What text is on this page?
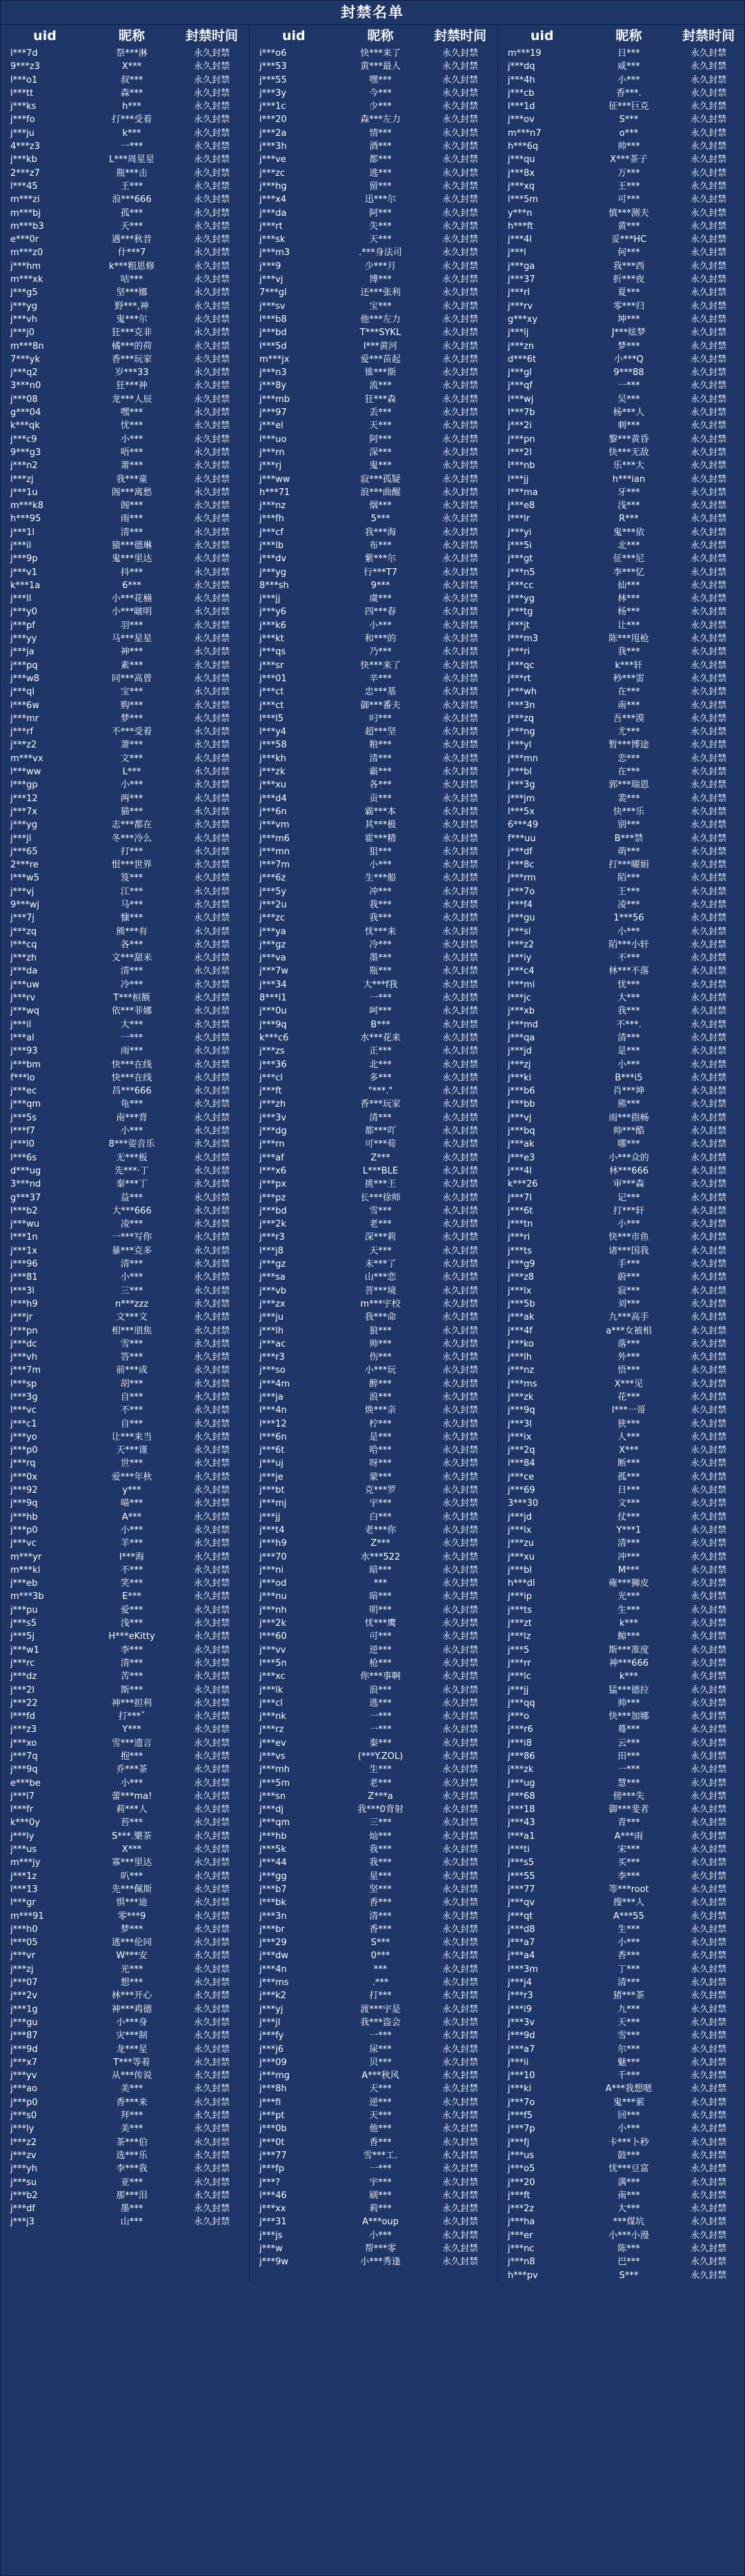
封禁名单
uid	昵称	封禁时间
l***7d	祭***淋	永久封禁
9***z3	X***	永久封禁
l***o1	叔***	永久封禁
l***tt	森***	永久封禁
j***ks	h***	永久封禁
j***fo	打***受着	永久封禁
j***ju	k***	永久封禁
4***z3	一***	永久封禁
j***kb	L***周星星	永久封禁
2***z7	瓶***击	永久封禁
l***45	王***	永久封禁
m***zi	浪***666	永久封禁
m***bj	孤***	永久封禁
m***b3	天***	永久封禁
e***0r	遇***秋昔	永久封禁
m***z0	什***7	永久封禁
j***hm	k***粗思修	永久封禁
m***xk	咕***	永久封禁
j***g5	坚***娜	永久封禁
j***yg	野***,神	永久封禁
j***vh	鬼***尔	永久封禁
j***j0	狂***克非	永久封禁
m***8n	橘***的荷	永久封禁
7***yk	香***玩家	永久封禁
j***q2	岁***33	永久封禁
3***n0	狂***神	永久封禁
j***08	龙***人辰	永久封禁
g***04	嘿***	永久封禁
k***qk	忧***	永久封禁
j***c9	小***	永久封禁
9***g3	唔***	永久封禁
j***n2	萧***	永久封禁
l***zj	我***童	永久封禁
j***1u	阁***离愁	永久封禁
m***k8	阁***	永久封禁
h***95	雨***	永久封禁
j***1l	清***	永久封禁
j***il	猿***德琳	永久封禁
j***9p	鬼***里达	永久封禁
j***v1	抖***	永久封禁
k***1a	6***	永久封禁
j***ll	小***花楠	永久封禁
j***y0	小***啵明	永久封禁
j***pf	羽***	永久封禁
j***yy	马***星星	永久封禁
j***ja	神***	永久封禁
j***pq	素***	永久封禁
j***w8	同***高曾	永久封禁
j***ql	宝***	永久封禁
l***6w	购***	永久封禁
j***mr	梦***	永久封禁
j***rf	不***受着	永久封禁
j***z2	萧***	永久封禁
m***vx	文***	永久封禁
l***ww	L***	永久封禁
l***gp	小***	永久封禁
j***12	两***	永久封禁
j***7x	猫***	永久封禁
j***yg	志***都在	永久封禁
j***jl	冬***冷么	永久封禁
j***65	打***	永久封禁
2***re	恨***世界	永久封禁
l***w5	笈***	永久封禁
j***vj	江***	永久封禁
9***wj	马***	永久封禁
j***7j	慷***	永久封禁
j***zq	熊***有	永久封禁
l***cq	各***	永久封禁
j***zh	文***甜米	永久封禁
j***da	清***	永久封禁
j***uw	冷***	永久封禁
j***rv	T***桓额	永久封禁
j***wq	依***菲娜	永久封禁
j***il	大***	永久封禁
l***al	一***	永久封禁
j***93	雨***	永久封禁
j***bm	快***在线	永久封禁
f***lo	快***在线	永久封禁
j***ec	昌***666	永久封禁
j***qm	龟***	永久封禁
j***5s	南***背	永久封禁
l***f7	小***	永久封禁
j***l0	8***姿音乐	永久封禁
l***6s	无***板	永久封禁
d***ug	先***·丁	永久封禁
3***nd	秦***丁	永久封禁
g***37	益***	永久封禁
l***b2	大***666	永久封禁
j***wu	凌***	永久封禁
l***1n	一***写你	永久封禁
j***1x	暴***克多	永久封禁
j***96	清***	永久封禁
j***81	小***	永久封禁
l***3l	三***	永久封禁
l***h9	n***zzz	永久封禁
j***jr	文***文	永久封禁
j***pn	相***朋焦	永久封禁
j***dc	雪***	永久封禁
j***vh	答***	永久封禁
j***7m	前***成	永久封禁
l***sp	胡***	永久封禁
l***3g	自***	永久封禁
l***vc	不***	永久封禁
j***c1	自***	永久封禁
j***yo	让***来当	永久封禁
j***p0	天***谨	永久封禁
j***rq	世***	永久封禁
j***0x	爱***年秋	永久封禁
j***92	y***	永久封禁
j***9q	喵***	永久封禁
j***hb	A***	永久封禁
j***p0	小***	永久封禁
j***vc	羊***	永久封禁
m***yr	l***海	永久封禁
m***kl	不***	永久封禁
j***eb	笑***	永久封禁
m***3b	E***	永久封禁
j***pu	爱***	永久封禁
j***s5	浅***	永久封禁
j***5j	H***eKitty	永久封禁
j***w1	李***	永久封禁
j***rc	清***	永久封禁
j***dz	苦***	永久封禁
j***2l	斯***	永久封禁
j***22	神***担利	永久封禁
l***fd	打***ˇ	永久封禁
j***z3	Y***	永久封禁
j***xo	雪***遗言	永久封禁
j***7q	抱***	永久封禁
j***9q	乔***茶	永久封禁
e***be	小***	永久封禁
j***l7	蕾***ma!	永久封禁
l***fr	莉***人	永久封禁
k***0y	苔***	永久封禁
j***ly	S***.樂茶	永久封禁
j***us	X***	永久封禁
m***jy	寡***里达	永久封禁
j***1z	叭***	永久封禁
l***13	先***佩斯	永久封禁
l***gr	惧***迪	永久封禁
m***91	零***9	永久封禁
j***h0	梦***	永久封禁
l***05	逃***伦同	永久封禁
j***vr	W***安	永久封禁
j***zj	光***	永久封禁
j***07	想***	永久封禁
j***2v	林***开心	永久封禁
j***1g	神***鸡德	永久封禁
j***gu	小***身	永久封禁
j***87	灾***制	永久封禁
j***9d	龙***星	永久封禁
j***x7	T***等着	永久封禁
j***yv	从***传说	永久封禁
j***ao	美***	永久封禁
j***p0	香***来	永久封禁
j***s0	拜***	永久封禁
j***ly	美***	永久封禁
l***z2	茶***伯	永久封禁
j***zv	选***乐	永久封禁
j***yh	李***我	永久封禁
j***su	亚***	永久封禁
j***b2	那***泪	永久封禁
j***df	墨***	永久封禁
j***j3	山***	永久封禁
uid	昵称	封禁时间
i***o6	快***来了	永久封禁
j***53	黄***最人	永久封禁
j***55	嘿***	永久封禁
j***3y	今***	永久封禁
j***1c	少***	永久封禁
l***20	森***左力	永久封禁
j***2a	情***	永久封禁
j***3h	酒***	永久封禁
j***ve	都***	永久封禁
j***zc	逃***	永久封禁
j***hg	留***	永久封禁
j***x4	迅***尔	永久封禁
j***da	阿***	永久封禁
j***rt	失***	永久封禁
j***sk	天***	永久封禁
j***m3	.***身法司	永久封禁
j***9	少***月	永久封禁
j***vj	博***	永久封禁
7***gl	还***张利	永久封禁
j***sv	宝***	永久封禁
l***b8	他***左力	永久封禁
j***bd	T***SYKL	永久封禁
l***5d	l***黄河	永久封禁
m***jx	爱***苗起	永久封禁
j***n3	锥***斯	永久封禁
j***8y	流***	永久封禁
j***mb	狂***森	永久封禁
j***97	丢***	永久封禁
j***el	天***	永久封禁
l***uo	阿***	永久封禁
j***rn	深***	永久封禁
j***rj	鬼***	永久封禁
j***ww	寂***孤疑	永久封禁
h***71	浪***曲醒	永久封禁
j***nz	烟***	永久封禁
j***fh	5***	永久封禁
j***cf	我***海	永久封禁
j***lb	布***	永久封禁
j***dv	紫***尔	永久封禁
j***yg	行***T7	永久封禁
8***sh	9***	永久封禁
j***jj	虞***	永久封禁
j***y6	四***春	永久封禁
j***k6	小***	永久封禁
j***kt	和***的	永久封禁
j***qs	乃***	永久封禁
j***sr	快***来了	永久封禁
j***01	辛***	永久封禁
j***ct	忠***基	永久封禁
j***ct	御***番夫	永久封禁
l***l5	叼***	永久封禁
l***y4	超***坚	永久封禁
j***58	粮***	永久封禁
j***kh	清***	永久封禁
j***zk	霸***	永久封禁
j***xu	各***	永久封禁
j***d4	贡***	永久封禁
j***6n	霸***本	永久封禁
j***vm	其***极	永久封禁
j***m6	霍***精	永久封禁
j***mn	狙***	永久封禁
l***7m	小***	永久封禁
j***6z	生***船	永久封禁
j***5y	冲***	永久封禁
j***2u	我***	永久封禁
j***zc	我***	永久封禁
j***ya	忧***来	永久封禁
j***gz	冷***	永久封禁
j***va	墨***	永久封禁
j***7w	瓶***	永久封禁
j***34	大***f我	永久封禁
8***l1	一***	永久封禁
j***0u	呵***	永久封禁
j***9q	B***	永久封禁
k***c6	水***花来	永久封禁
j***zs	正***	永久封禁
j***36	北***	永久封禁
j***cl	多***	永久封禁
j***ft	"***."	永久封禁
j***zh	香***玩家	永久封禁
j***3v	清***	永久封禁
j***dg	都***吖	永久封禁
j***rn	可***荀	永久封禁
j***af	Z***	永久封禁
l***x6	L***BLE	永久封禁
j***px	挑***王	永久封禁
j***pz	长***徐师	永久封禁
j***bd	雪***	永久封禁
j***2k	老***	永久封禁
j***r3	深***莉	永久封禁
l***j8	天***	永久封禁
j***gz	未***了	永久封禁
j***sa	山***恋	永久封禁
j***vb	菩***境	永久封禁
j***zx	m***宇校	永久封禁
j***ju	我***命	永久封禁
j***lh	狼***	永久封禁
j***ac	帅***	永久封禁
j***r3	伤***	永久封禁
j***so	小***玩	永久封禁
j***4m	醉***	永久封禁
j***ja	浪***	永久封禁
l***4n	焕***亲	永久封禁
l***12	柠***	永久封禁
l***6n	是***	永久封禁
j***6t	哈***	永久封禁
j***uj	呀***	永久封禁
j***je	蒙***	永久封禁
j***bt	克***罗	永久封禁
j***mj	宇***	永久封禁
j***jj	白***	永久封禁
j***t4	老***你	永久封禁
j***h9	Z***	永久封禁
j***70	水***522	永久封禁
j***ni	暗***	永久封禁
j***od	***	永久封禁
j***nu	暗***	永久封禁
j***nh	明***	永久封禁
j***2k	忧***鹰	永久封禁
l***60	可***	永久封禁
j***vv	逆***	永久封禁
l***5n	枪***	永久封禁
j***xc	你***事啊	永久封禁
j***lk	浪***	永久封禁
j***cl	逃***	永久封禁
j***nk	一***	永久封禁
j***rz	一***	永久封禁
j***ev	秦***	永久封禁
j***vs	(***Y.ZOL)	永久封禁
j***mh	生***	永久封禁
j***5m	老***	永久封禁
j***sn	Z***a	永久封禁
j***dj	我***0背射	永久封禁
j***qm	三***	永久封禁
j***hb	灿***	永久封禁
j***5k	我***	永久封禁
j***44	我***	永久封禁
j***gg	星***	永久封禁
j***b7	坚***	永久封禁
l***bk	香***	永久封禁
j***3n	清***	永久封禁
j***br	香***	永久封禁
j***29	S***	永久封禁
j***dw	0***	永久封禁
j***4n	***	永久封禁
j***ms	.***	永久封禁
j***k2	打***	永久封禁
j***yj	渡***宇是	永久封禁
j***jl	我***盗会	永久封禁
j***fy	一***	永久封禁
j***j6	尿***	永久封禁
j***09	贝***	永久封禁
j***mg	A***秋风	永久封禁
j***8h	天***	永久封禁
j***fi	逆***	永久封禁
j***pt	天***	永久封禁
j***0b	他***	永久封禁
j***0t	香***	永久封禁
j***77	雪***工.	永久封禁
j***fp	一***	永久封禁
j***?	宇***	永久封禁
l***46	刷***	永久封禁
j***xx	莉***	永久封禁
j***31	A***oup	永久封禁
j***js	小***	永久封禁
j***w	帮***零	永久封禁
j***9w	小***秀逢	永久封禁
uid	昵称	封禁时间
m***19	日***	永久封禁
j***dq	咸***	永久封禁
j***4h	小***	永久封禁
j***cb	香***.	永久封禁
l***1d	征***巨克	永久封禁
j***ov	S***	永久封禁
m***n7	o***	永久封禁
h***6q	帅***	永久封禁
j***qu	X***茶子	永久封禁
j***8x	万***	永久封禁
j***xq	王***	永久封禁
l***5m	可***	永久封禁
y***n	慎***测夫	永久封禁
h***ft	黄***	永久封禁
j***4l	妥***HC	永久封禁
j***l	何***	永久封禁
j***ga	我***西	永久封禁
j***37	折***夜	永久封禁
j***rl	夏***	永久封禁
j***rv	零***归	永久封禁
g***xy	坤***	永久封禁
j***lj	J***炫梦	永久封禁
j***zn	梦***	永久封禁
d***6t	小***Q	永久封禁
j***gl	9***88	永久封禁
j***qf	一***	永久封禁
l***wj	吴***	永久封禁
l***7b	杨***人	永久封禁
j***2i	刺***	永久封禁
j***pn	黎***黄昏	永久封禁
l***2l	快***无敌	永久封禁
l***nb	乐***大	永久封禁
l***jj	h***ian	永久封禁
l***ma	牙***	永久封禁
j***e8	浅***	永久封禁
l***lr	R***	永久封禁
j***yi	鬼***依	永久封禁
j***5i	北***	永久封禁
j***gt	征***尼	永久封禁
j***n5	李***忆	永久封禁
j***cc	仙***	永久封禁
j***yg	林***	永久封禁
j***tg	杨***	永久封禁
j***jt	让***	永久封禁
l***m3	陈***甩枪	永久封禁
j***ri	我***	永久封禁
j***qc	k***轩	永久封禁
j***rt	秒***雷	永久封禁
j***wh	在***	永久封禁
l***3n	南***	永久封禁
j***zq	吾***漠	永久封禁
j***ng	尤***	永久封禁
j***yl	暂***博途	永久封禁
j***mn	恋***	永久封禁
j***bl	在***	永久封禁
j***3g	郭***瑞恩	永久封禁
j***jm	裴***	永久封禁
l***5x	快***乐	永久封禁
6***49	别***	永久封禁
f***uu	B***禁	永久封禁
j***df	萌***	永久封禁
j***8c	打***曜娟	永久封禁
j***rm	陌***	永久封禁
j***7o	王***	永久封禁
j***f4	凌***	永久封禁
j***gu	1***56	永久封禁
j***sl	小***	永久封禁
l***z2	陌***小轩	永久封禁
j***iy	不***	永久封禁
j***c4	林***不落	永久封禁
l***mi	忧***	永久封禁
l***jc	大***	永久封禁
j***xb	我***	永久封禁
j***md	不***.	永久封禁
j***qa	清***	永久封禁
j***jd	是***	永久封禁
j***zj	小***	永久封禁
j***ki	B***i5	永久封禁
j***b6	肖***坤	永久封禁
j***bb	熊***	永久封禁
j***vj	雨***指畅	永久封禁
j***bq	帅***酷	永久封禁
j***ak	哪***	永久封禁
j***e3	小***众的	永久封禁
j***4l	林***666	永久封禁
k***26	审***森	永久封禁
j***7l	记***	永久封禁
j***6t	打***轩	永久封禁
j***tn	小***	永久封禁
j***ri	快***市鱼	永久封禁
j***ts	诸***国我	永久封禁
j***g9	手***	永久封禁
j***z8	蔚***	永久封禁
j***lx	寂***	永久封禁
j***5b	刘***	永久封禁
j***ak	九***高手	永久封禁
j***4f	a***女被相	永久封禁
j***ko	落***	永久封禁
j***lh	外***	永久封禁
j***nz	悟***	永久封禁
j***ms	X***见	永久封禁
j***zk	花***	永久封禁
j***9q	l***一哥	永久封禁
j***3l	狭***	永久封禁
j***ix	人***	永久封禁
j***2q	X***	永久封禁
l***84	断***	永久封禁
j***ce	孤***	永久封禁
j***69	日***	永久封禁
3***30	文***	永久封禁
j***jd	仗***	永久封禁
j***lx	Y***1	永久封禁
j***zu	清***	永久封禁
j***xu	冲***	永久封禁
j***bl	M***	永久封禁
h***dl	雍***狮皮	永久封禁
j***ip	光***	永久封禁
j***ts	生***	永久封禁
j***zt	k***	永久封禁
j***lz	鲸***	永久封禁
j***5	斯***准度	永久封禁
j***rr	神***666	永久封禁
j***lc	k***	永久封禁
j***jj	猛***德拉	永久封禁
j***qq	帅***	永久封禁
j***o	快***加娜	永久封禁
j***r6	蓦***	永久封禁
j***i8	云***	永久封禁
j***86	田***	永久封禁
j***zk	一***	永久封禁
j***ug	慧***	永久封禁
j***68	傍***失	永久封禁
j***18	御***斐者	永久封禁
j***43	青***	永久封禁
l***a1	A***雨	永久封禁
j***ti	宋***	永久封禁
j***s5	买***	永久封禁
j***55	李***	永久封禁
j***77	等***root	永久封禁
j***qv	搜***人	永久封禁
j***qt	A***55	永久封禁
j***d8	生***	永久封禁
j***a7	小***	永久封禁
j***a4	香***	永久封禁
l***3m	丁***	永久封禁
j***j4	清***	永久封禁
j***r3	猪***茶	永久封禁
j***i9	九***	永久封禁
j***3v	天***	永久封禁
j***9d	雪***	永久封禁
j***a7	尔***	永久封禁
j***ii	魅***	永久封禁
j***10	千***	永久封禁
j***ki	A***我想嗯	永久封禁
j***7o	鬼***萦	永久封禁
j***f5	回***	永久封禁
j***7p	小***	永久封禁
j***fj	卡***卜秒	永久封禁
j***us	鼓***	永久封禁
j***o5	忧***豆富	永久封禁
j***20	满***	永久封禁
j***ft	南***	永久封禁
j***2z	大***	永久封禁
j***ha	***煤坑	永久封禁
j***er	小***小漫	永久封禁
j***nc	陈***	永久封禁
j***n8	巴***	永久封禁
h***pv	S***	永久封禁
